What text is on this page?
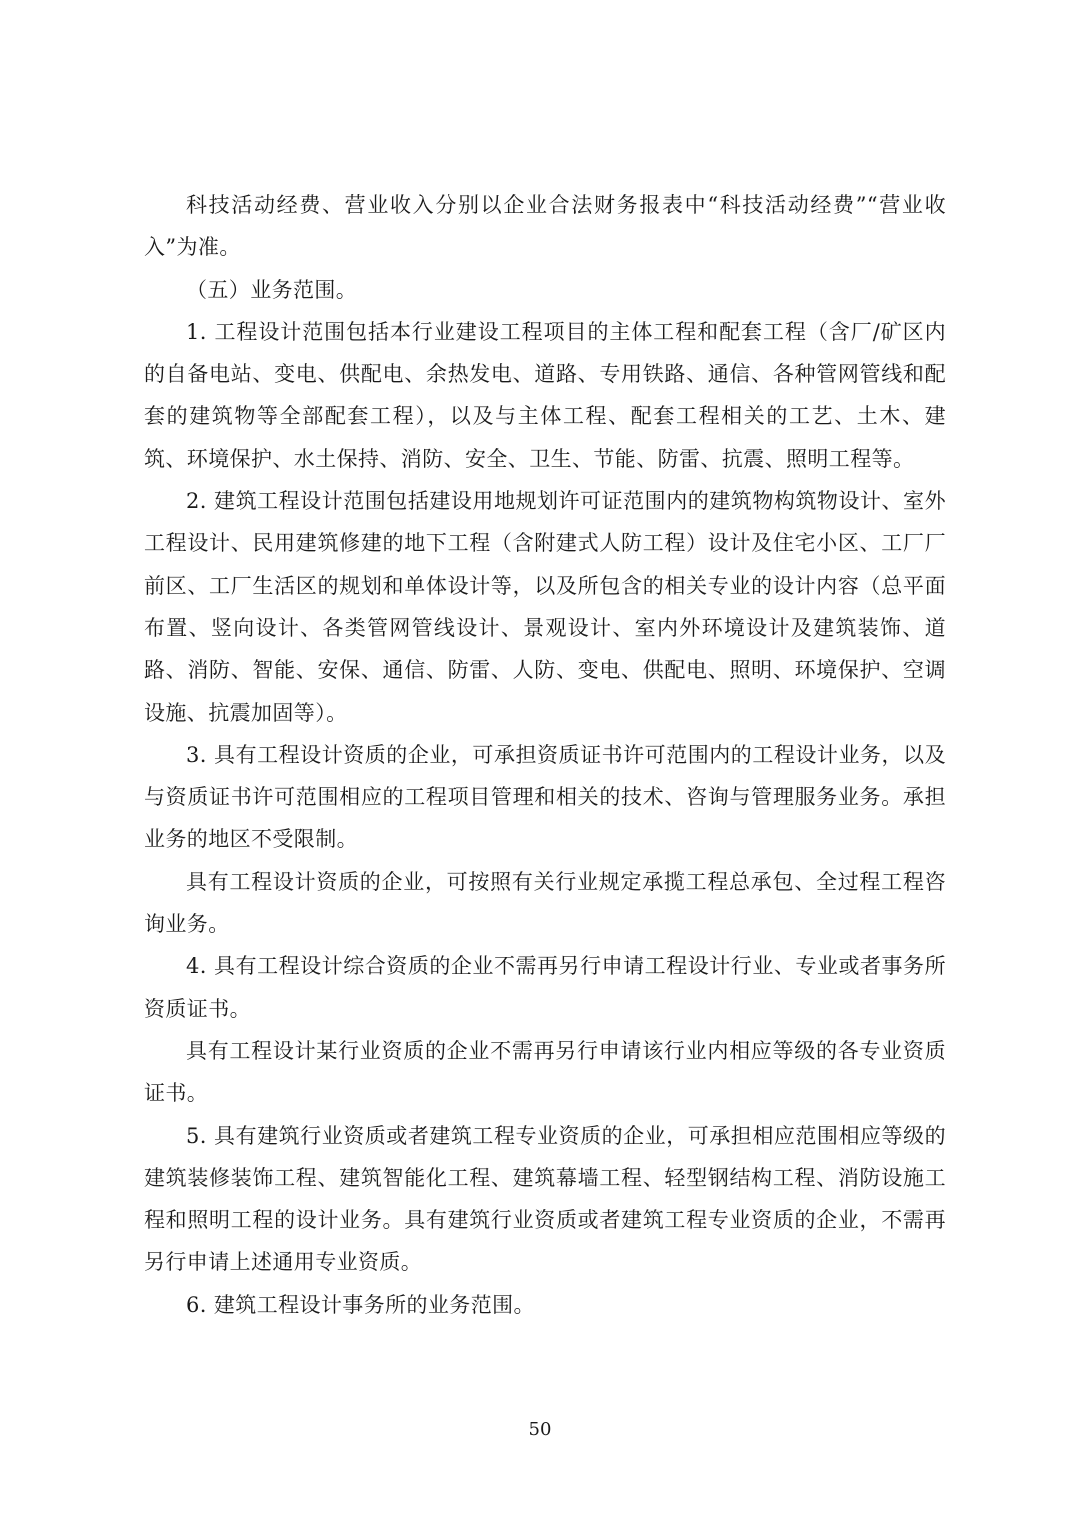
科技活动经费、营业收入分别以企业合法财务报表中“科技活动经费”“营业收入”为准。

（五）业务范围。

1. 工程设计范围包括本行业建设工程项目的主体工程和配套工程（含厂/矿区内的自备电站、变电、供配电、余热发电、道路、专用铁路、通信、各种管网管线和配套的建筑物等全部配套工程），以及与主体工程、配套工程相关的工艺、土木、建筑、环境保护、水土保持、消防、安全、卫生、节能、防雷、抗震、照明工程等。

2. 建筑工程设计范围包括建设用地规划许可证范围内的建筑物构筑物设计、室外工程设计、民用建筑修建的地下工程（含附建式人防工程）设计及住宅小区、工厂厂前区、工厂生活区的规划和单体设计等，以及所包含的相关专业的设计内容（总平面布置、竖向设计、各类管网管线设计、景观设计、室内外环境设计及建筑装饰、道路、消防、智能、安保、通信、防雷、人防、变电、供配电、照明、环境保护、空调设施、抗震加固等）。

3. 具有工程设计资质的企业，可承担资质证书许可范围内的工程设计业务，以及与资质证书许可范围相应的工程项目管理和相关的技术、咨询与管理服务业务。承担业务的地区不受限制。

具有工程设计资质的企业，可按照有关行业规定承揽工程总承包、全过程工程咨询业务。

4. 具有工程设计综合资质的企业不需再另行申请工程设计行业、专业或者事务所资质证书。

具有工程设计某行业资质的企业不需再另行申请该行业内相应等级的各专业资质证书。

5. 具有建筑行业资质或者建筑工程专业资质的企业，可承担相应范围相应等级的建筑装修装饰工程、建筑智能化工程、建筑幕墙工程、轻型钢结构工程、消防设施工程和照明工程的设计业务。具有建筑行业资质或者建筑工程专业资质的企业，不需再另行申请上述通用专业资质。

6. 建筑工程设计事务所的业务范围。

50
